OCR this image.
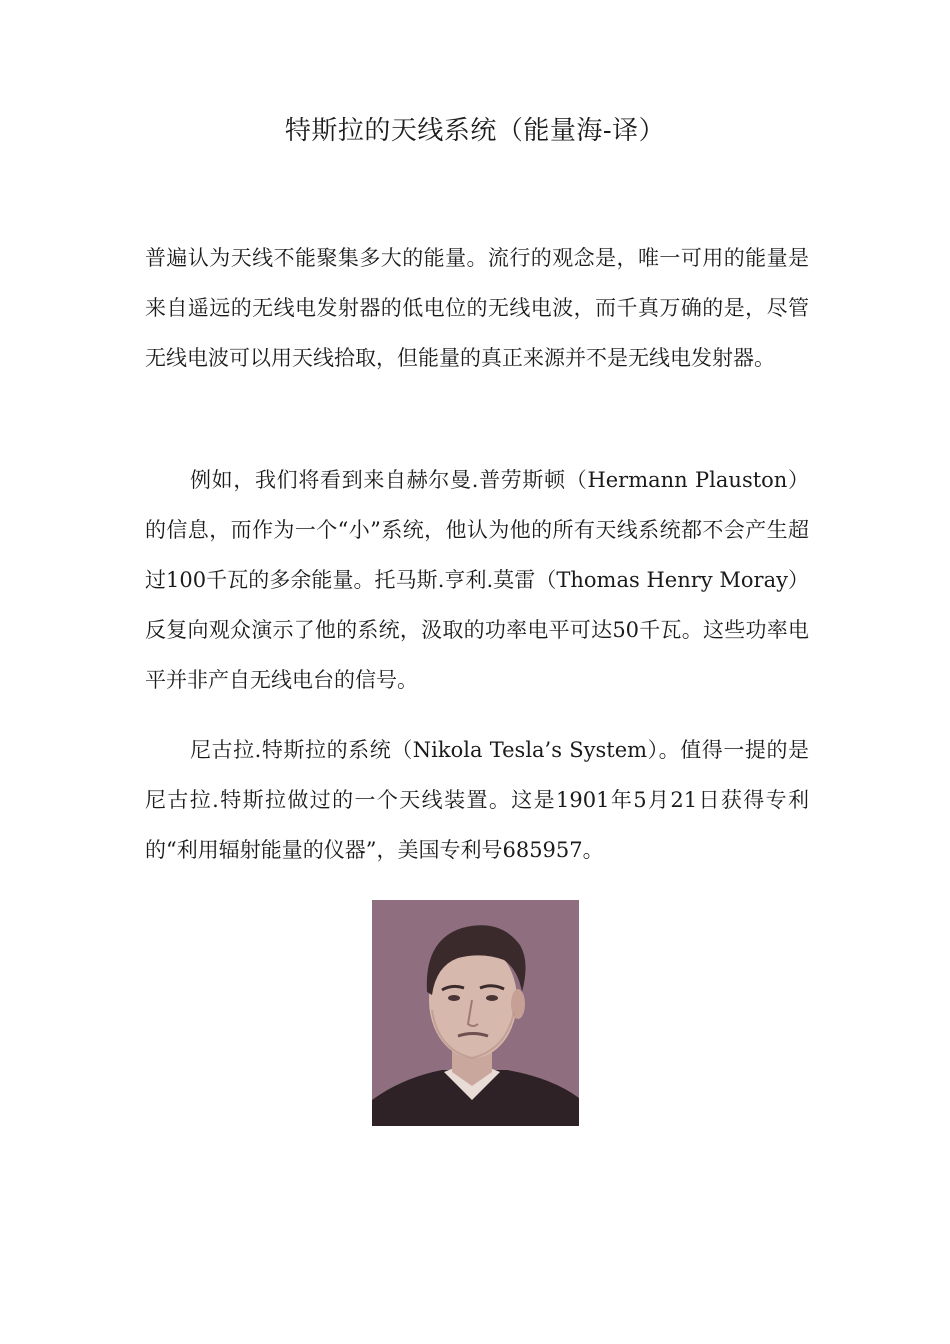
特斯拉的天线系统（能量海-译）

普遍认为天线不能聚集多大的能量。流行的观念是，唯一可用的能量是来自遥远的无线电发射器的低电位的无线电波，而千真万确的是，尽管无线电波可以用天线拾取，但能量的真正来源并不是无线电发射器。

例如，我们将看到来自赫尔曼.普劳斯顿（Hermann Plauston）的信息，而作为一个“小”系统，他认为他的所有天线系统都不会产生超过100千瓦的多余能量。托马斯.亨利.莫雷（Thomas Henry Moray）反复向观众演示了他的系统，汲取的功率电平可达50千瓦。这些功率电平并非产自无线电台的信号。

尼古拉.特斯拉的系统（Nikola Tesla’s System）。值得一提的是尼古拉.特斯拉做过的一个天线装置。这是1901年5月21日获得专利的“利用辐射能量的仪器”，美国专利号685957。
